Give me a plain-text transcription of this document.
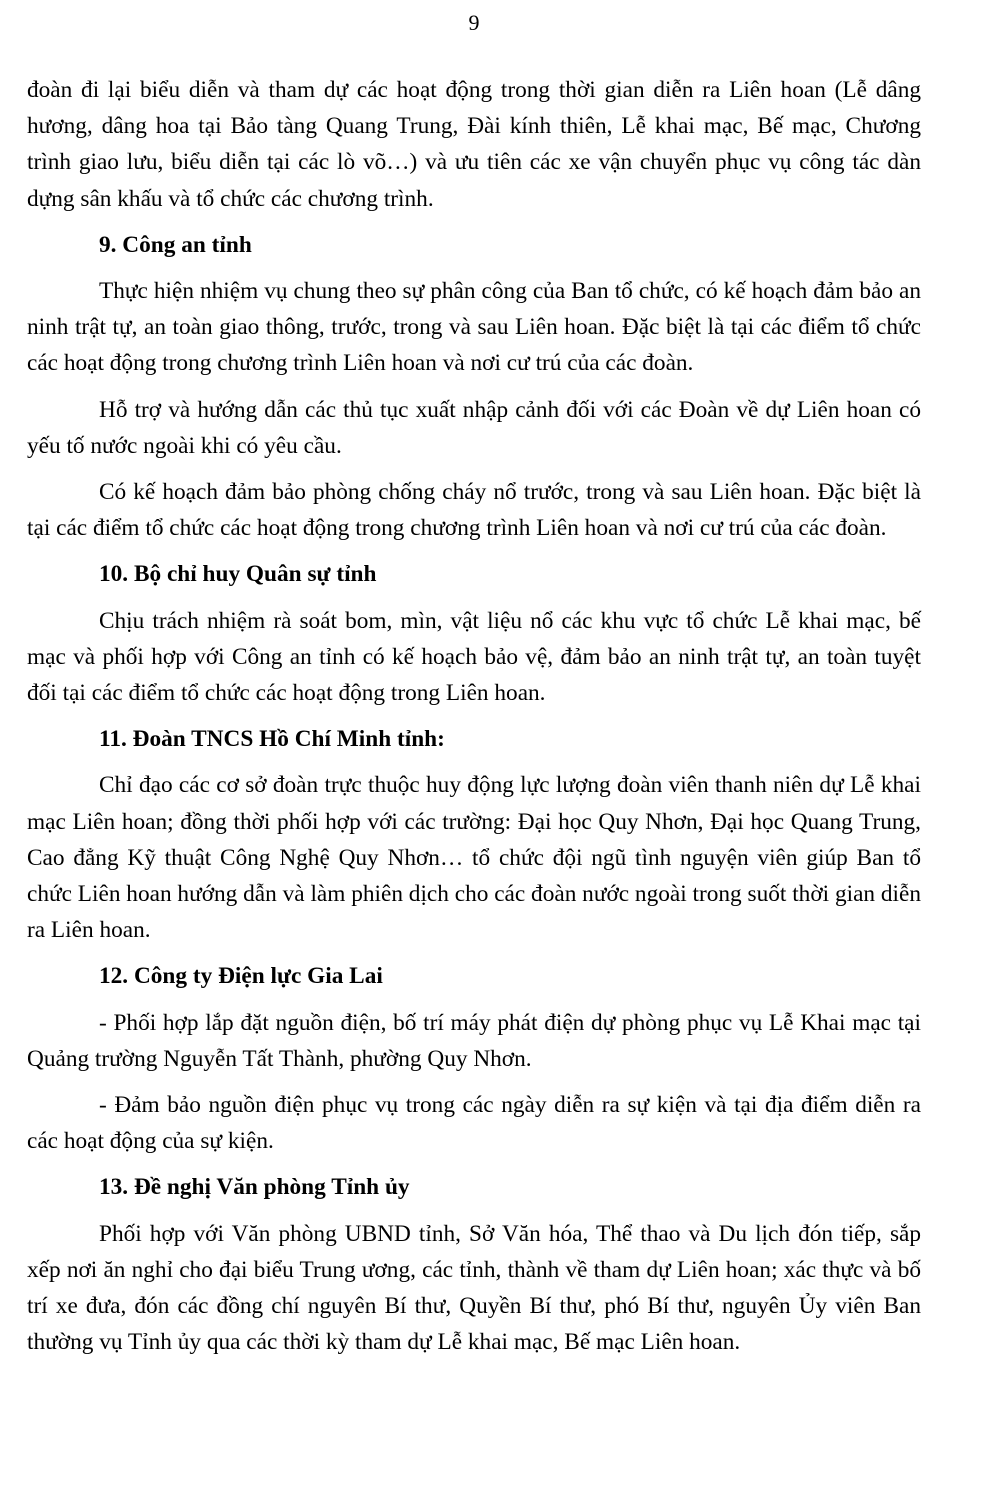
9

đoàn đi lại biểu diễn và tham dự các hoạt động trong thời gian diễn ra Liên hoan (Lễ dâng hương, dâng hoa tại Bảo tàng Quang Trung, Đài kính thiên, Lễ khai mạc, Bế mạc, Chương trình giao lưu, biểu diễn tại các lò võ…) và ưu tiên các xe vận chuyển phục vụ công tác dàn dựng sân khấu và tổ chức các chương trình.

9. Công an tỉnh

Thực hiện nhiệm vụ chung theo sự phân công của Ban tổ chức, có kế hoạch đảm bảo an ninh trật tự, an toàn giao thông, trước, trong và sau Liên hoan. Đặc biệt là tại các điểm tổ chức các hoạt động trong chương trình Liên hoan và nơi cư trú của các đoàn.

Hỗ trợ và hướng dẫn các thủ tục xuất nhập cảnh đối với các Đoàn về dự Liên hoan có yếu tố nước ngoài khi có yêu cầu.

Có kế hoạch đảm bảo phòng chống cháy nổ trước, trong và sau Liên hoan. Đặc biệt là tại các điểm tổ chức các hoạt động trong chương trình Liên hoan và nơi cư trú của các đoàn.

10. Bộ chỉ huy Quân sự tỉnh

Chịu trách nhiệm rà soát bom, mìn, vật liệu nổ các khu vực tổ chức Lễ khai mạc, bế mạc và phối hợp với Công an tỉnh có kế hoạch bảo vệ, đảm bảo an ninh trật tự, an toàn tuyệt đối tại các điểm tổ chức các hoạt động trong Liên hoan.

11. Đoàn TNCS Hồ Chí Minh tỉnh:

Chỉ đạo các cơ sở đoàn trực thuộc huy động lực lượng đoàn viên thanh niên dự Lễ khai mạc Liên hoan; đồng thời phối hợp với các trường: Đại học Quy Nhơn, Đại học Quang Trung, Cao đẳng Kỹ thuật Công Nghệ Quy Nhơn… tổ chức đội ngũ tình nguyện viên giúp Ban tổ chức Liên hoan hướng dẫn và làm phiên dịch cho các đoàn nước ngoài trong suốt thời gian diễn ra Liên hoan.

12. Công ty Điện lực Gia Lai

- Phối hợp lắp đặt nguồn điện, bố trí máy phát điện dự phòng phục vụ Lễ Khai mạc tại Quảng trường Nguyễn Tất Thành, phường Quy Nhơn.

- Đảm bảo nguồn điện phục vụ trong các ngày diễn ra sự kiện và tại địa điểm diễn ra các hoạt động của sự kiện.

13. Đề nghị Văn phòng Tỉnh ủy

Phối hợp với Văn phòng UBND tỉnh, Sở Văn hóa, Thể thao và Du lịch đón tiếp, sắp xếp nơi ăn nghỉ cho đại biểu Trung ương, các tỉnh, thành về tham dự Liên hoan; xác thực và bố trí xe đưa, đón các đồng chí nguyên Bí thư, Quyền Bí thư, phó Bí thư, nguyên Ủy viên Ban thường vụ Tỉnh ủy qua các thời kỳ tham dự Lễ khai mạc, Bế mạc Liên hoan.
